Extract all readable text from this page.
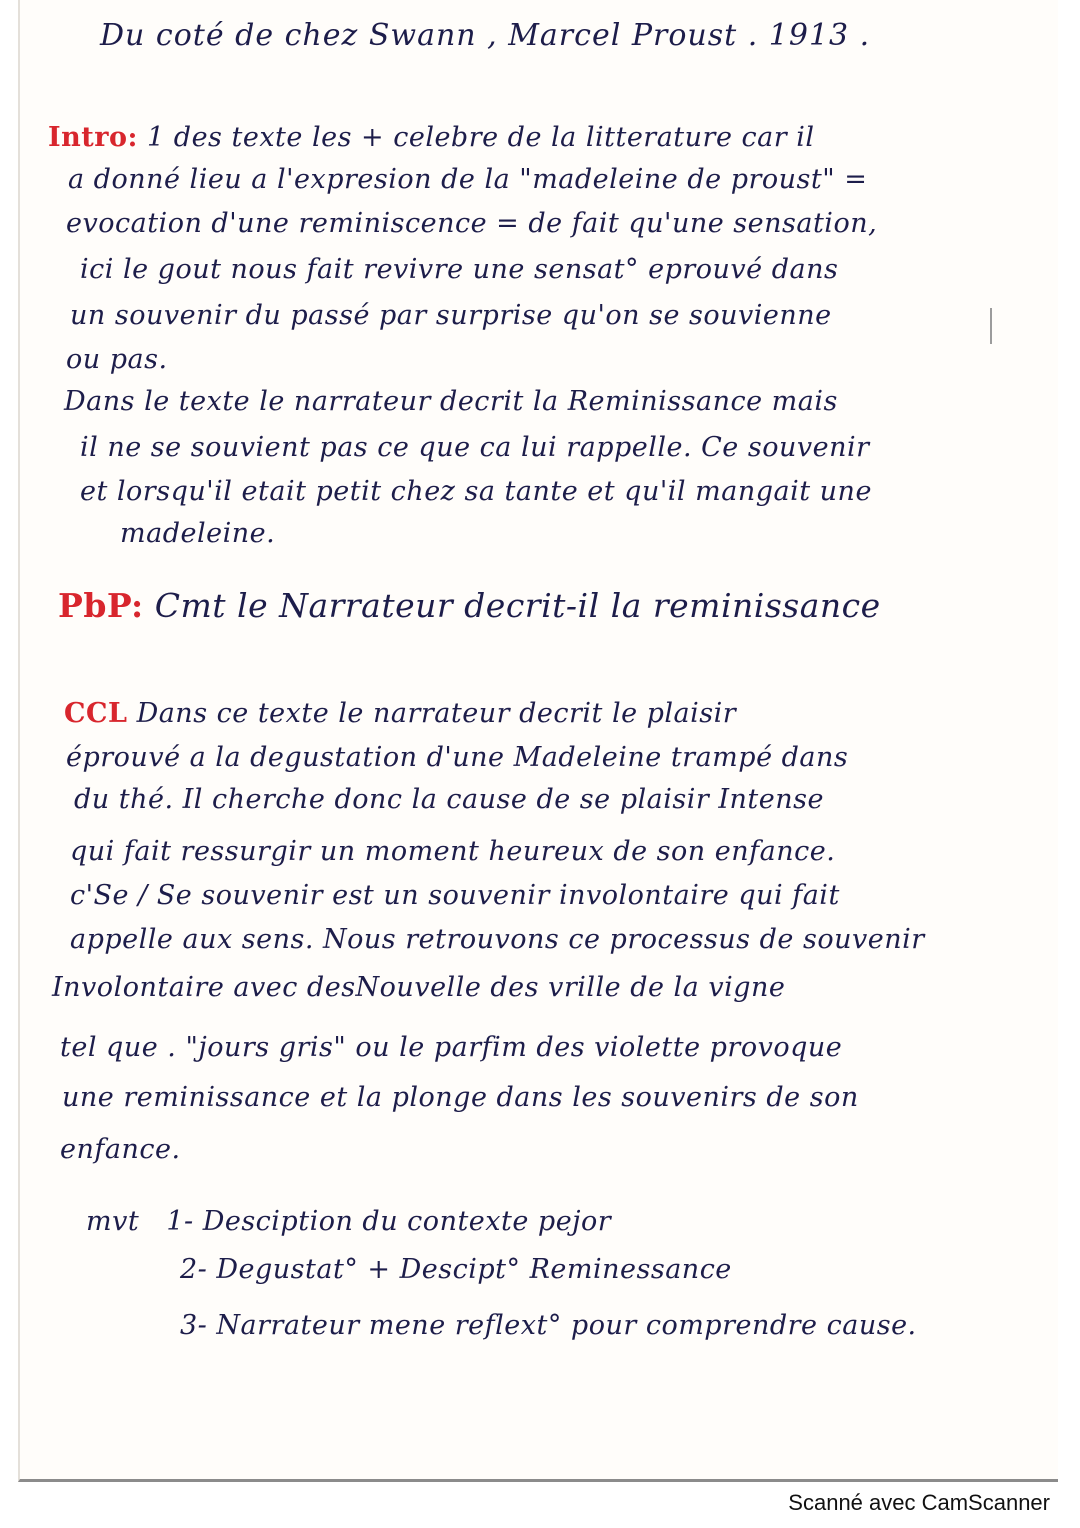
Du coté de chez Swann , Marcel Proust . 1913 .
Intro: 1 des texte les + celebre de la litterature car il
a donné lieu a l'expresion de la "madeleine de proust" =
evocation d'une reminiscence = de fait qu'une sensation,
ici le gout nous fait revivre une sensat° eprouvé dans
un souvenir du passé par surprise qu'on se souvienne
ou pas.
Dans le texte le narrateur decrit la Reminissance mais
il ne se souvient pas ce que ca lui rappelle. Ce souvenir
et lorsqu'il etait petit chez sa tante et qu'il mangait une
madeleine.
PbP: Cmt le Narrateur decrit-il la reminissance
CCL Dans ce texte le narrateur decrit le plaisir
éprouvé a la degustation d'une Madeleine trampé dans
du thé. Il cherche donc la cause de se plaisir Intense
qui fait ressurgir un moment heureux de son enfance.
c'Se / Se souvenir est un souvenir involontaire qui fait
appelle aux sens. Nous retrouvons ce processus de souvenir
Involontaire avec desNouvelle des vrille de la vigne
tel que . "jours gris" ou le parfim des violette provoque
une reminissance et la plonge dans les souvenirs de son
enfance.
mvt 1- Desciption du contexte pejor
2- Degustat° + Descipt° Reminessance
3- Narrateur mene reflext° pour comprendre cause.
Scanné avec CamScanner
